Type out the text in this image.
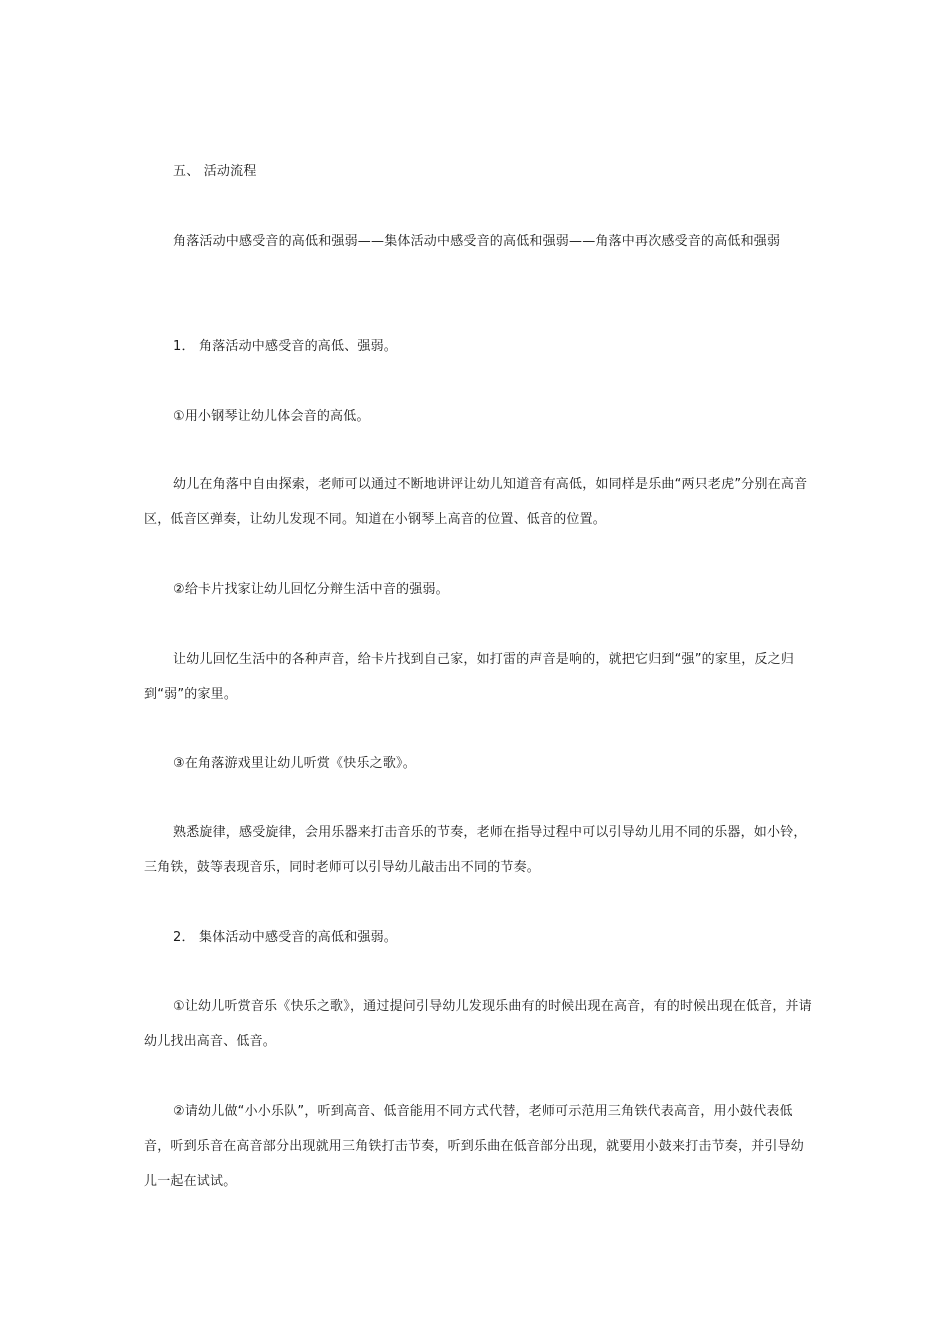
五、 活动流程

角落活动中感受音的高低和强弱——集体活动中感受音的高低和强弱——角落中再次感受音的高低和强弱

1． 角落活动中感受音的高低、强弱。

①用小钢琴让幼儿体会音的高低。

幼儿在角落中自由探索，老师可以通过不断地讲评让幼儿知道音有高低，如同样是乐曲“两只老虎”分别在高音区，低音区弹奏，让幼儿发现不同。知道在小钢琴上高音的位置、低音的位置。

②给卡片找家让幼儿回忆分辩生活中音的强弱。

让幼儿回忆生活中的各种声音，给卡片找到自己家，如打雷的声音是响的，就把它归到“强”的家里，反之归到“弱”的家里。

③在角落游戏里让幼儿听赏《快乐之歌》。

熟悉旋律，感受旋律，会用乐器来打击音乐的节奏，老师在指导过程中可以引导幼儿用不同的乐器，如小铃，三角铁，鼓等表现音乐，同时老师可以引导幼儿敲击出不同的节奏。

2． 集体活动中感受音的高低和强弱。

①让幼儿听赏音乐《快乐之歌》，通过提问引导幼儿发现乐曲有的时候出现在高音，有的时候出现在低音，并请幼儿找出高音、低音。

②请幼儿做“小小乐队”，听到高音、低音能用不同方式代替，老师可示范用三角铁代表高音，用小鼓代表低音，听到乐音在高音部分出现就用三角铁打击节奏，听到乐曲在低音部分出现，就要用小鼓来打击节奏，并引导幼儿一起在试试。
